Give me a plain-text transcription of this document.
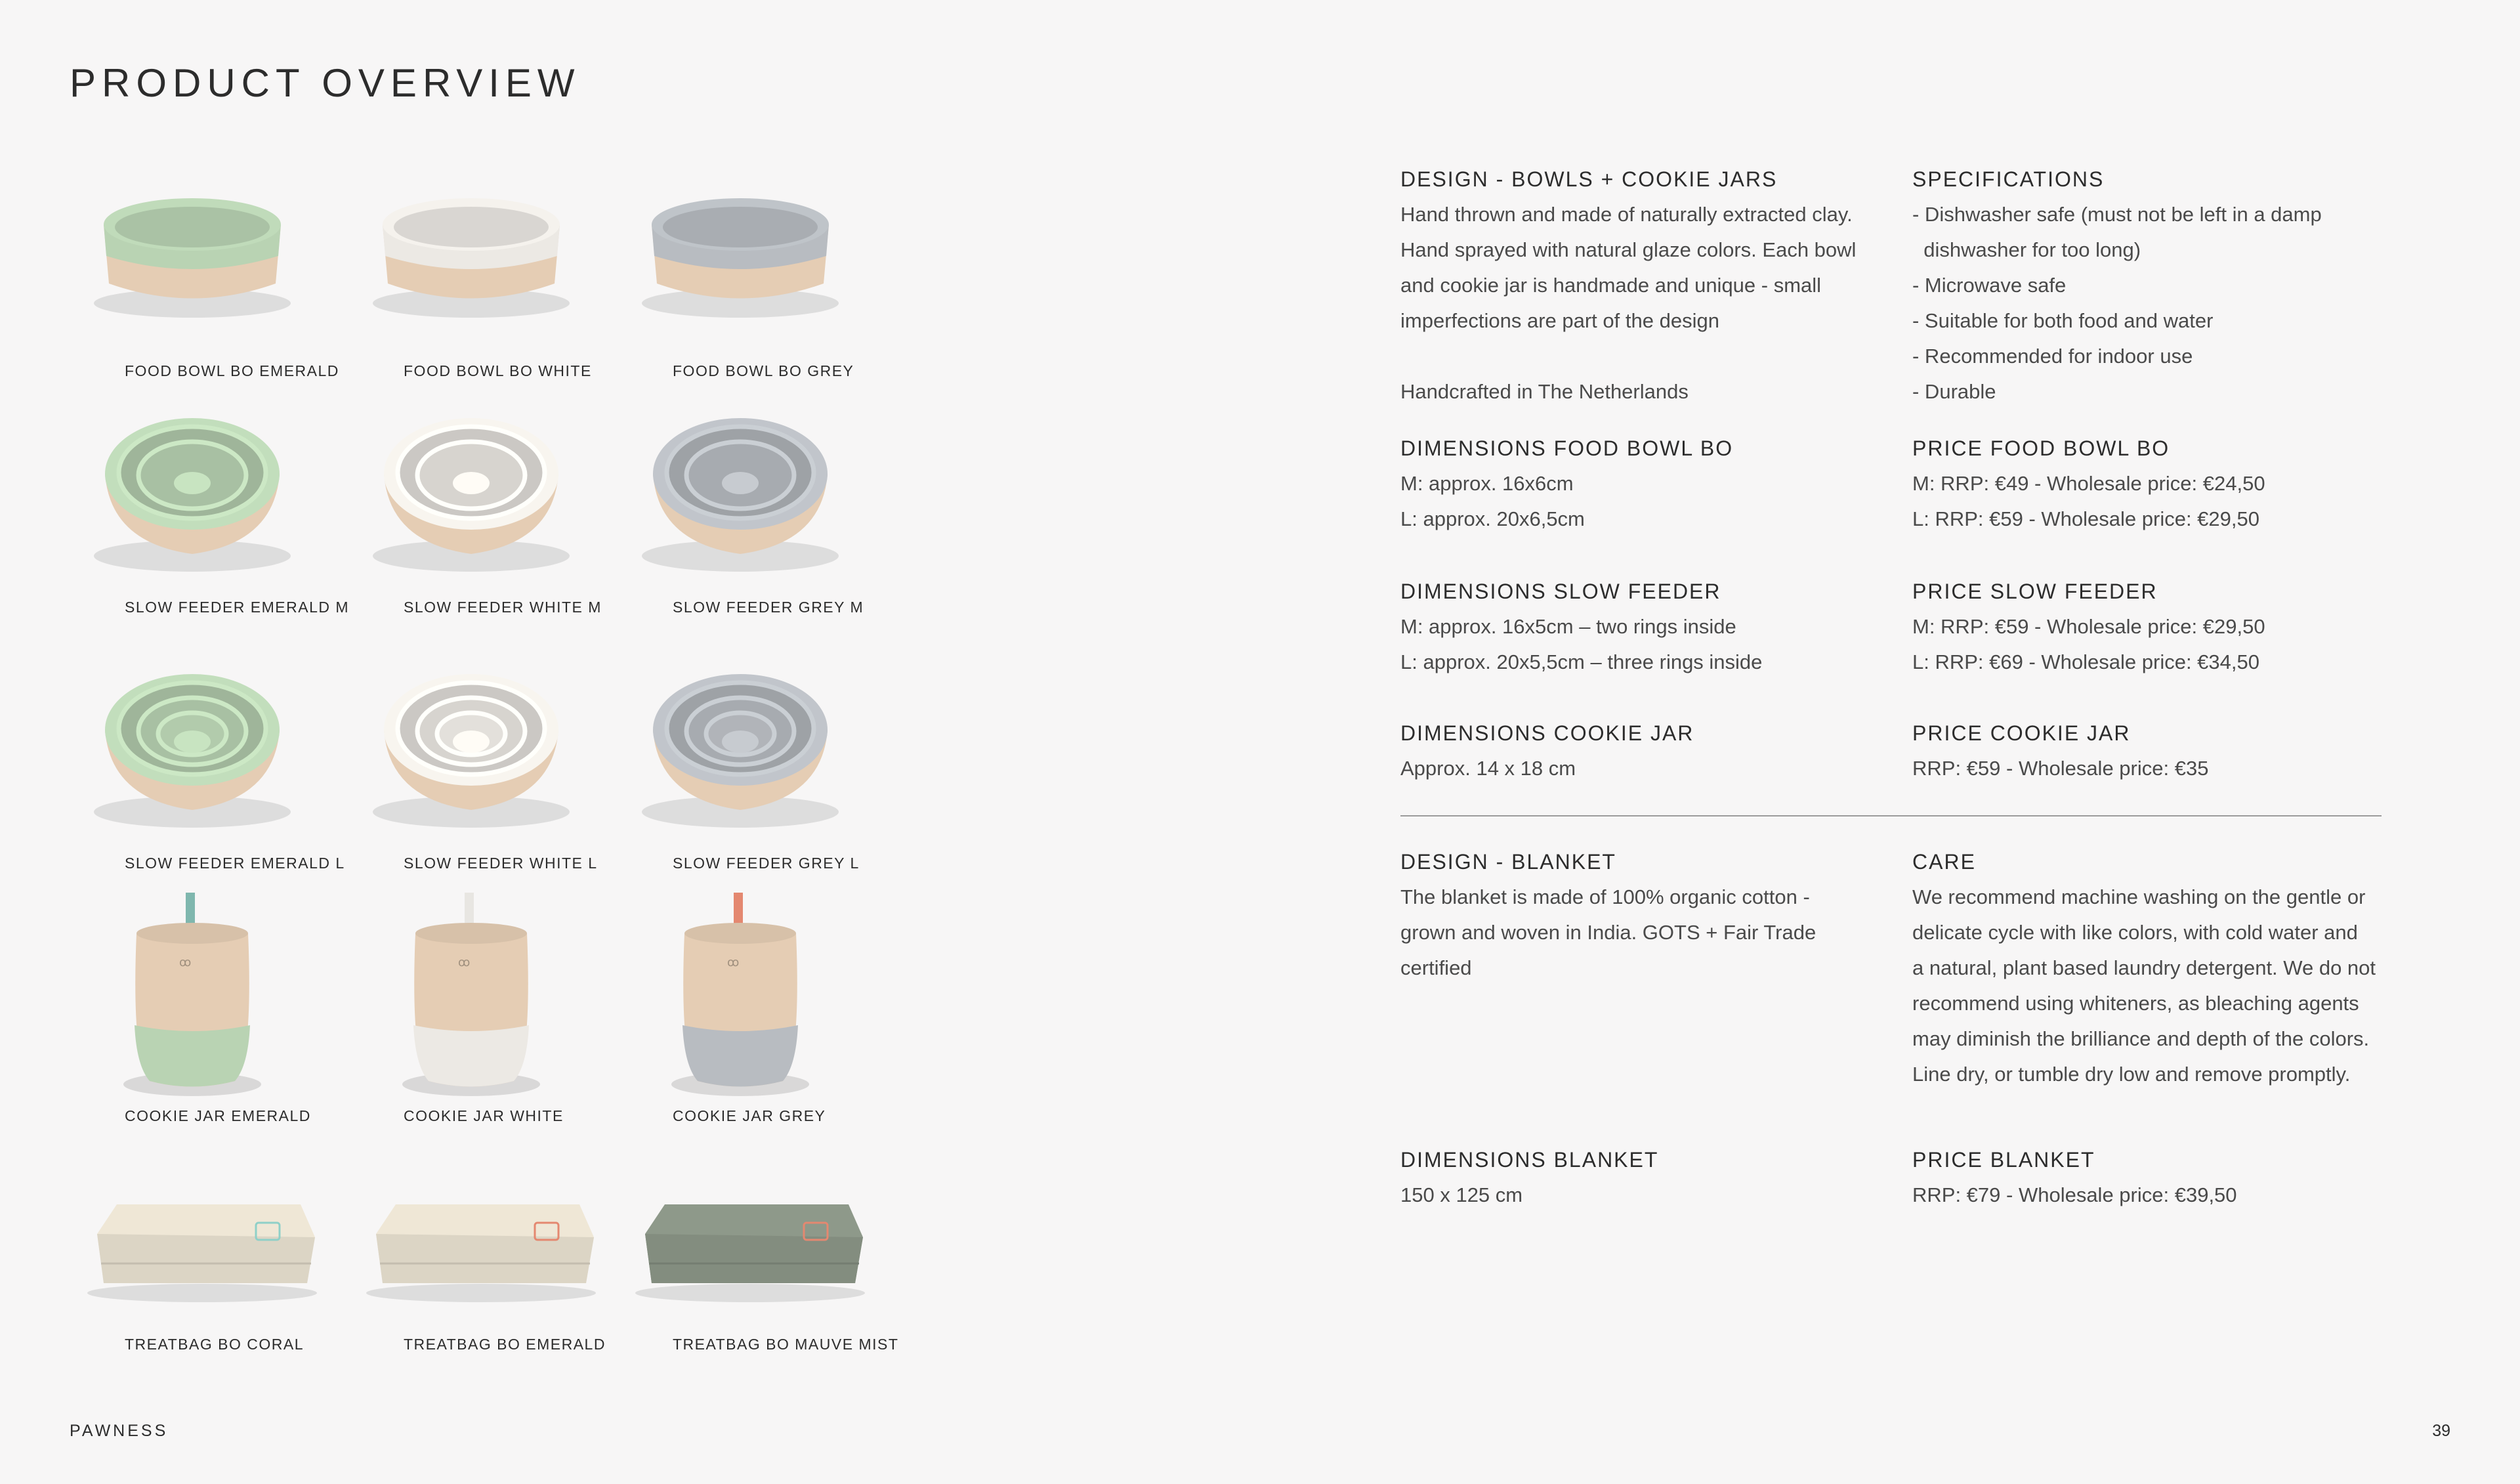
PRODUCT OVERVIEW
FOOD BOWL BO EMERALD	FOOD BOWL BO WHITE	FOOD BOWL BO GREY
SLOW FEEDER EMERALD M	SLOW FEEDER WHITE M	SLOW FEEDER GREY M
SLOW FEEDER EMERALD L	SLOW FEEDER WHITE L	SLOW FEEDER GREY L
ꝏ
COOKIE JAR EMERALD
ꝏ
COOKIE JAR WHITE
ꝏ
COOKIE JAR GREY
TREATBAG BO CORAL	TREATBAG BO EMERALD	TREATBAG BO MAUVE MIST
DESIGN - BOWLS + COOKIE JARS
Hand thrown and made of naturally extracted clay.
Hand sprayed with natural glaze colors. Each bowl
and cookie jar is handmade and unique - small
imperfections are part of the design

Handcrafted in The Netherlands
SPECIFICATIONS
- Dishwasher safe (must not be left in a damp
dishwasher for too long)
- Microwave safe
- Suitable for both food and water
- Recommended for indoor use
- Durable
DIMENSIONS FOOD BOWL BO
M: approx. 16x6cm
L: approx. 20x6,5cm
PRICE FOOD BOWL BO
M: RRP: €49 - Wholesale price: €24,50
L: RRP: €59 - Wholesale price: €29,50
DIMENSIONS SLOW FEEDER
M: approx. 16x5cm – two rings inside
L: approx. 20x5,5cm – three rings inside
PRICE SLOW FEEDER
M: RRP: €59 - Wholesale price: €29,50
L: RRP: €69 - Wholesale price: €34,50
DIMENSIONS COOKIE JAR
Approx. 14 x 18 cm
PRICE COOKIE JAR
RRP: €59 - Wholesale price: €35
DESIGN - BLANKET
The blanket is made of 100% organic cotton -
grown and woven in India. GOTS + Fair Trade
certified
CARE
We recommend machine washing on the gentle or
delicate cycle with like colors, with cold water and
a natural, plant based laundry detergent. We do not
recommend using whiteners, as bleaching agents
may diminish the brilliance and depth of the colors.
Line dry, or tumble dry low and remove promptly.
DIMENSIONS BLANKET
150 x 125 cm
PRICE BLANKET
RRP: €79 - Wholesale price: €39,50
PAWNESS	39
